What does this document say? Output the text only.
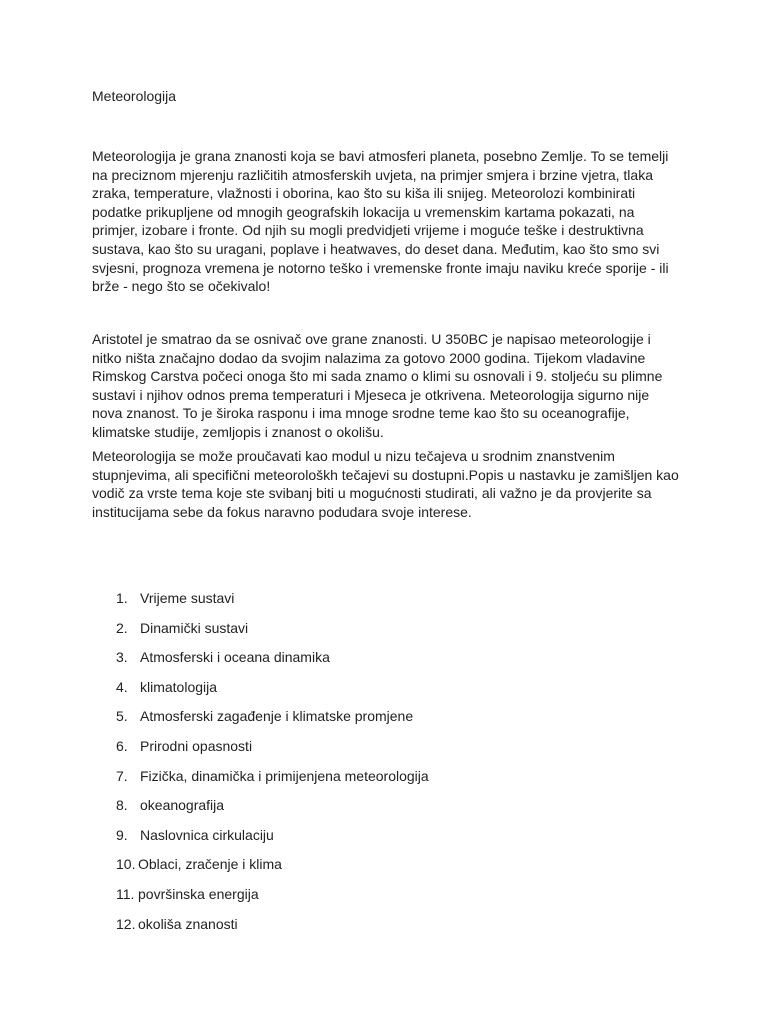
Meteorologija

Meteorologija je grana znanosti koja se bavi atmosferi planeta, posebno Zemlje. To se temelji na preciznom mjerenju različitih atmosferskih uvjeta, na primjer smjera i brzine vjetra, tlaka zraka, temperature, vlažnosti i oborina, kao što su kiša ili snijeg. Meteorolozi kombinirati podatke prikupljene od mnogih geografskih lokacija u vremenskim kartama pokazati, na primjer, izobare i fronte. Od njih su mogli predvidjeti vrijeme i moguće teške i destruktivna sustava, kao što su uragani, poplave i heatwaves, do deset dana. Međutim, kao što smo svi svjesni, prognoza vremena je notorno teško i vremenske fronte imaju naviku kreće sporije - ili brže - nego što se očekivalo!

Aristotel je smatrao da se osnivač ove grane znanosti. U 350BC je napisao meteorologije i nitko ništa značajno dodao da svojim nalazima za gotovo 2000 godina. Tijekom vladavine Rimskog Carstva počeci onoga što mi sada znamo o klimi su osnovali i 9. stoljeću su plimne sustavi i njihov odnos prema temperaturi i Mjeseca je otkrivena. Meteorologija sigurno nije nova znanost. To je široka rasponu i ima mnoge srodne teme kao što su oceanografije, klimatske studije, zemljopis i znanost o okolišu.

Meteorologija se može proučavati kao modul u nizu tečajeva u srodnim znanstvenim stupnjevima, ali specifični meteorološkh tečajevi su dostupni.Popis u nastavku je zamišljen kao vodič za vrste tema koje ste svibanj biti u mogućnosti studirati, ali važno je da provjerite sa institucijama sebe da fokus naravno podudara svoje interese.

1. Vrijeme sustavi
2. Dinamički sustavi
3. Atmosferski i oceana dinamika
4. klimatologija
5. Atmosferski zagađenje i klimatske promjene
6. Prirodni opasnosti
7. Fizička, dinamička i primijenjena meteorologija
8. okeanografija
9. Naslovnica cirkulaciju
10. Oblaci, zračenje i klima
11. površinska energija
12. okoliša znanosti
